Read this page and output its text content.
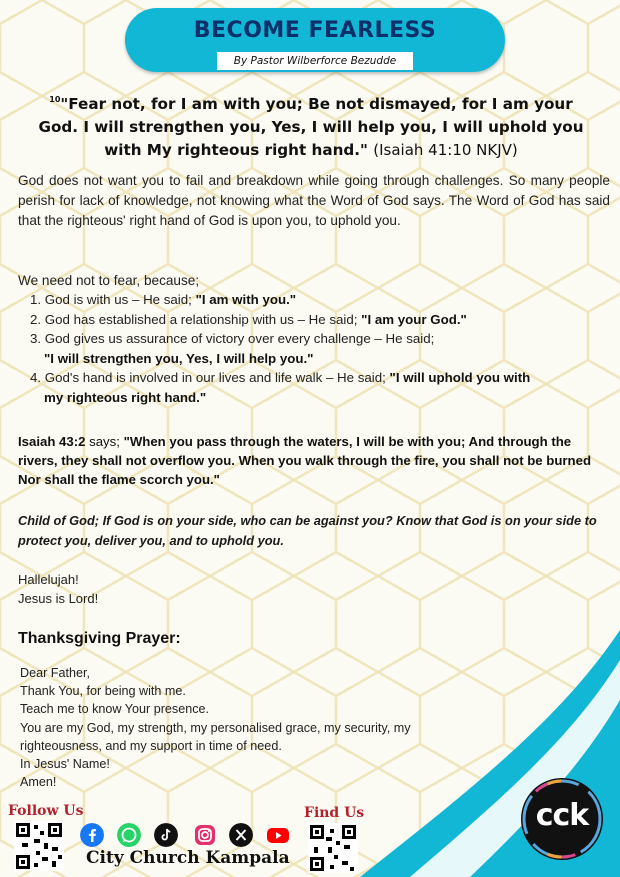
BECOME FEARLESS
By Pastor Wilberforce Bezudde
$^{10}$"Fear not, for I am with you; Be not dismayed, for I am your God. I will strengthen you, Yes, I will help you, I will uphold you with My righteous right hand." (Isaiah 41:10 NKJV)
God does not want you to fail and breakdown while going through challenges. So many people perish for lack of knowledge, not knowing what the Word of God says. The Word of God has said that the righteous' right hand of God is upon you, to uphold you.
We need not to fear, because;
1. God is with us – He said; "I am with you."
2. God has established a relationship with us – He said; "I am your God."
3. God gives us assurance of victory over every challenge – He said;
"I will strengthen you, Yes, I will help you."
4. God's hand is involved in our lives and life walk – He said; "I will uphold you with
my righteous right hand."
Isaiah 43:2 says; "When you pass through the waters, I will be with you; And through the rivers, they shall not overflow you. When you walk through the fire, you shall not be burned Nor shall the flame scorch you."
Child of God; If God is on your side, who can be against you? Know that God is on your side to protect you, deliver you, and to uphold you.
Hallelujah!
Jesus is Lord!
Thanksgiving Prayer:
Dear Father,
Thank You, for being with me.
Teach me to know Your presence.
You are my God, my strength, my personalised grace, my security, my
righteousness, and my support in time of need.
In Jesus' Name!
Amen!
Follow Us	Find Us
City Church Kampala
cck
